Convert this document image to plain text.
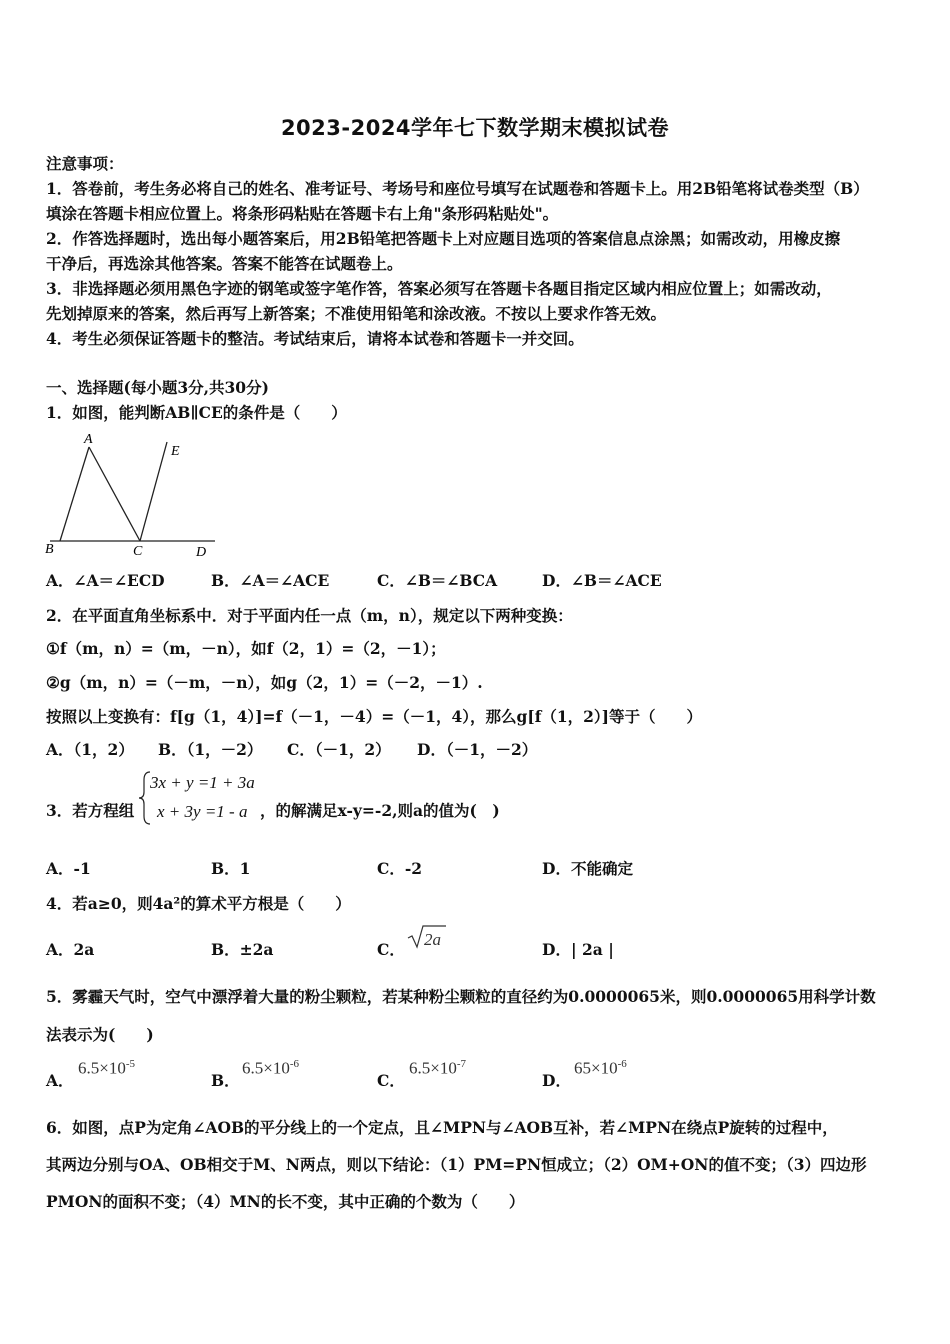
2023-2024学年七下数学期末模拟试卷
注意事项：
1．答卷前，考生务必将自己的姓名、准考证号、考场号和座位号填写在试题卷和答题卡上。用2B铅笔将试卷类型（B）
填涂在答题卡相应位置上。将条形码粘贴在答题卡右上角"条形码粘贴处"。
2．作答选择题时，选出每小题答案后，用2B铅笔把答题卡上对应题目选项的答案信息点涂黑；如需改动，用橡皮擦
干净后，再选涂其他答案。答案不能答在试题卷上。
3．非选择题必须用黑色字迹的钢笔或签字笔作答，答案必须写在答题卡各题目指定区域内相应位置上；如需改动，
先划掉原来的答案，然后再写上新答案；不准使用铅笔和涂改液。不按以上要求作答无效。
4．考生必须保证答题卡的整洁。考试结束后，请将本试卷和答题卡一并交回。
一、选择题(每小题3分,共30分)
1．如图，能判断AB∥CE的条件是（　　）
A
E
B	C	D
A．∠A＝∠ECD	B．∠A＝∠ACE	C．∠B＝∠BCA	D．∠B＝∠ACE
2．在平面直角坐标系中．对于平面内任一点（m，n），规定以下两种变换：
①f（m，n）=（m，－n），如f（2，1）=（2，－1）；
②g（m，n）=（－m，－n），如g（2，1）=（－2，－1）.
按照以上变换有：f[g（1，4）]=f（－1，－4）=（－1，4），那么g[f（1，2）]等于（　　）
A．（1，2） B．（1，－2） C．（－1，2） D．（－1，－2）
3．若方程组
3x + y =1 + 3a
x + 3y =1 - a ，的解满足x-y=-2,则a的值为(　)
A．-1	B．1	C．-2	D．不能确定
4．若a≥0，则4a²的算术平方根是（　　）
A．2a	B．±2a	C．
2a
D．| 2a |
5．雾霾天气时，空气中漂浮着大量的粉尘颗粒，若某种粉尘颗粒的直径约为0.0000065米，则0.0000065用科学计数
法表示为(　　)
A．
$6.5\times 10^{-5}$
B．
$6.5\times 10^{-6}$
C．
$6.5\times 10^{-7}$
D．
$65\times 10^{-6}$
6．如图，点P为定角∠AOB的平分线上的一个定点，且∠MPN与∠AOB互补，若∠MPN在绕点P旋转的过程中，
其两边分别与OA、OB相交于M、N两点，则以下结论：（1）PM=PN恒成立；（2）OM+ON的值不变；（3）四边形
PMON的面积不变；（4）MN的长不变，其中正确的个数为（　　）
